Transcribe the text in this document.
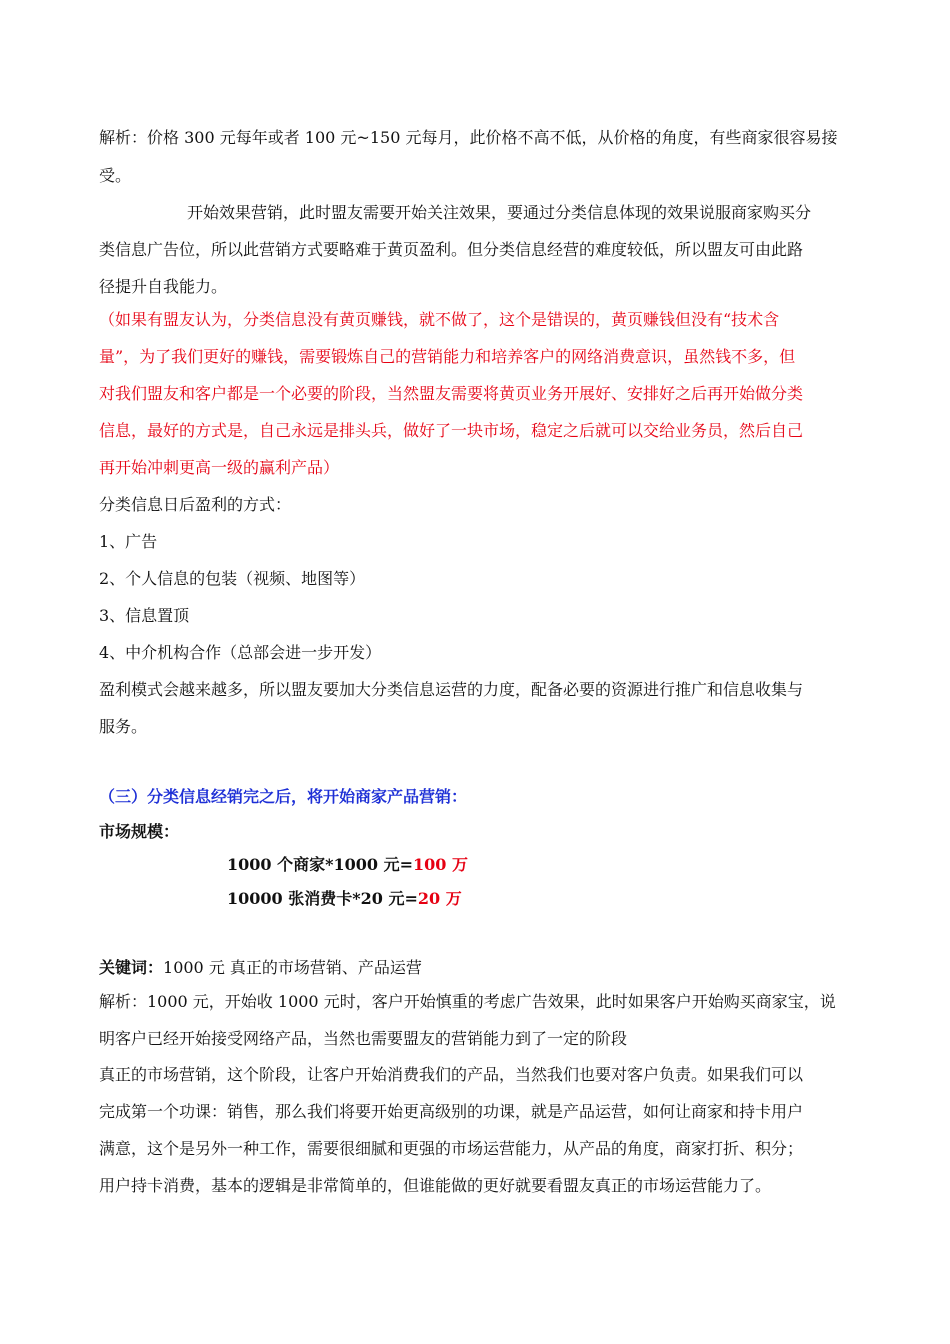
解析：价格 300 元每年或者 100 元~150 元每月，此价格不高不低，从价格的角度，有些商家很容易接
受。
开始效果营销，此时盟友需要开始关注效果，要通过分类信息体现的效果说服商家购买分
类信息广告位，所以此营销方式要略难于黄页盈利。但分类信息经营的难度较低，所以盟友可由此路
径提升自我能力。
（如果有盟友认为，分类信息没有黄页赚钱，就不做了，这个是错误的，黄页赚钱但没有“技术含
量”，为了我们更好的赚钱，需要锻炼自己的营销能力和培养客户的网络消费意识，虽然钱不多，但
对我们盟友和客户都是一个必要的阶段，当然盟友需要将黄页业务开展好、安排好之后再开始做分类
信息，最好的方式是，自己永远是排头兵，做好了一块市场，稳定之后就可以交给业务员，然后自己
再开始冲刺更高一级的赢利产品）
分类信息日后盈利的方式：
1、广告
2、个人信息的包装（视频、地图等）
3、信息置顶
4、中介机构合作（总部会进一步开发）
盈利模式会越来越多，所以盟友要加大分类信息运营的力度，配备必要的资源进行推广和信息收集与
服务。
（三）分类信息经销完之后，将开始商家产品营销：
市场规模：
1000 个商家*1000 元=100 万
10000 张消费卡*20 元=20 万
关键词：1000 元 真正的市场营销、产品运营
解析：1000 元，开始收 1000 元时，客户开始慎重的考虑广告效果，此时如果客户开始购买商家宝，说
明客户已经开始接受网络产品，当然也需要盟友的营销能力到了一定的阶段
真正的市场营销，这个阶段，让客户开始消费我们的产品，当然我们也要对客户负责。如果我们可以
完成第一个功课：销售，那么我们将要开始更高级别的功课，就是产品运营，如何让商家和持卡用户
满意，这个是另外一种工作，需要很细腻和更强的市场运营能力，从产品的角度，商家打折、积分；
用户持卡消费，基本的逻辑是非常简单的，但谁能做的更好就要看盟友真正的市场运营能力了。
